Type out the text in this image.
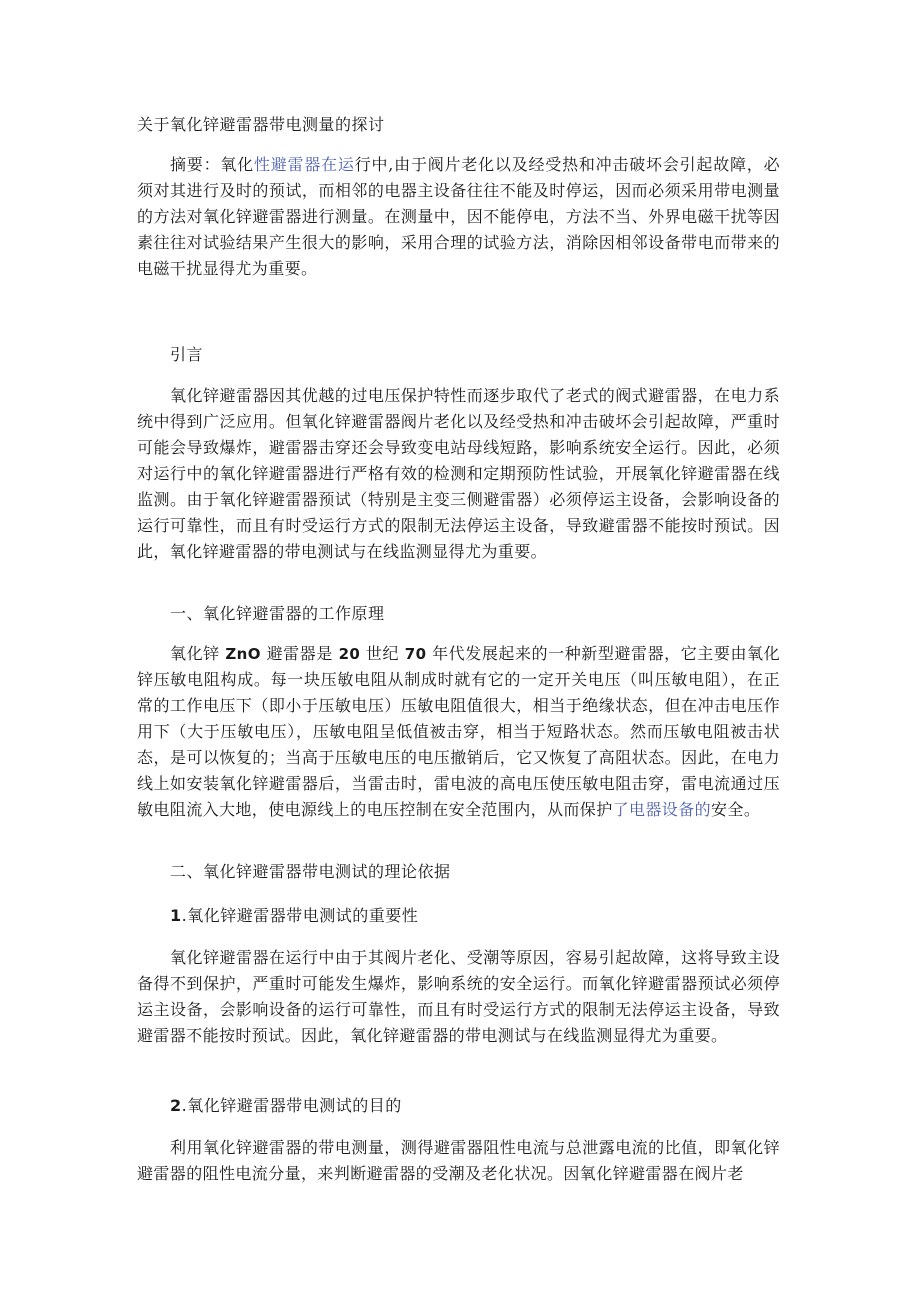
关于氧化锌避雷器带电测量的探讨

摘要：氧化性避雷器在运行中,由于阀片老化以及经受热和冲击破坏会引起故障，必须对其进行及时的预试，而相邻的电器主设备往往不能及时停运，因而必须采用带电测量的方法对氧化锌避雷器进行测量。在测量中，因不能停电，方法不当、外界电磁干扰等因素往往对试验结果产生很大的影响，采用合理的试验方法，消除因相邻设备带电而带来的电磁干扰显得尤为重要。

引言

氧化锌避雷器因其优越的过电压保护特性而逐步取代了老式的阀式避雷器，在电力系统中得到广泛应用。但氧化锌避雷器阀片老化以及经受热和冲击破坏会引起故障，严重时可能会导致爆炸，避雷器击穿还会导致变电站母线短路，影响系统安全运行。因此，必须对运行中的氧化锌避雷器进行严格有效的检测和定期预防性试验，开展氧化锌避雷器在线监测。由于氧化锌避雷器预试（特别是主变三侧避雷器）必须停运主设备，会影响设备的运行可靠性，而且有时受运行方式的限制无法停运主设备，导致避雷器不能按时预试。因此，氧化锌避雷器的带电测试与在线监测显得尤为重要。

一、氧化锌避雷器的工作原理

氧化锌 ZnO 避雷器是 20 世纪 70 年代发展起来的一种新型避雷器，它主要由氧化锌压敏电阻构成。每一块压敏电阻从制成时就有它的一定开关电压（叫压敏电阻），在正常的工作电压下（即小于压敏电压）压敏电阻值很大，相当于绝缘状态，但在冲击电压作用下（大于压敏电压），压敏电阻呈低值被击穿，相当于短路状态。然而压敏电阻被击状态，是可以恢复的；当高于压敏电压的电压撤销后，它又恢复了高阻状态。因此，在电力线上如安装氧化锌避雷器后，当雷击时，雷电波的高电压使压敏电阻击穿，雷电流通过压敏电阻流入大地，使电源线上的电压控制在安全范围内，从而保护了电器设备的安全。

二、氧化锌避雷器带电测试的理论依据
1.氧化锌避雷器带电测试的重要性

氧化锌避雷器在运行中由于其阀片老化、受潮等原因，容易引起故障，这将导致主设备得不到保护，严重时可能发生爆炸，影响系统的安全运行。而氧化锌避雷器预试必须停运主设备，会影响设备的运行可靠性，而且有时受运行方式的限制无法停运主设备，导致避雷器不能按时预试。因此，氧化锌避雷器的带电测试与在线监测显得尤为重要。

2.氧化锌避雷器带电测试的目的

利用氧化锌避雷器的带电测量，测得避雷器阻性电流与总泄露电流的比值，即氧化锌避雷器的阻性电流分量，来判断避雷器的受潮及老化状况。因氧化锌避雷器在阀片老
